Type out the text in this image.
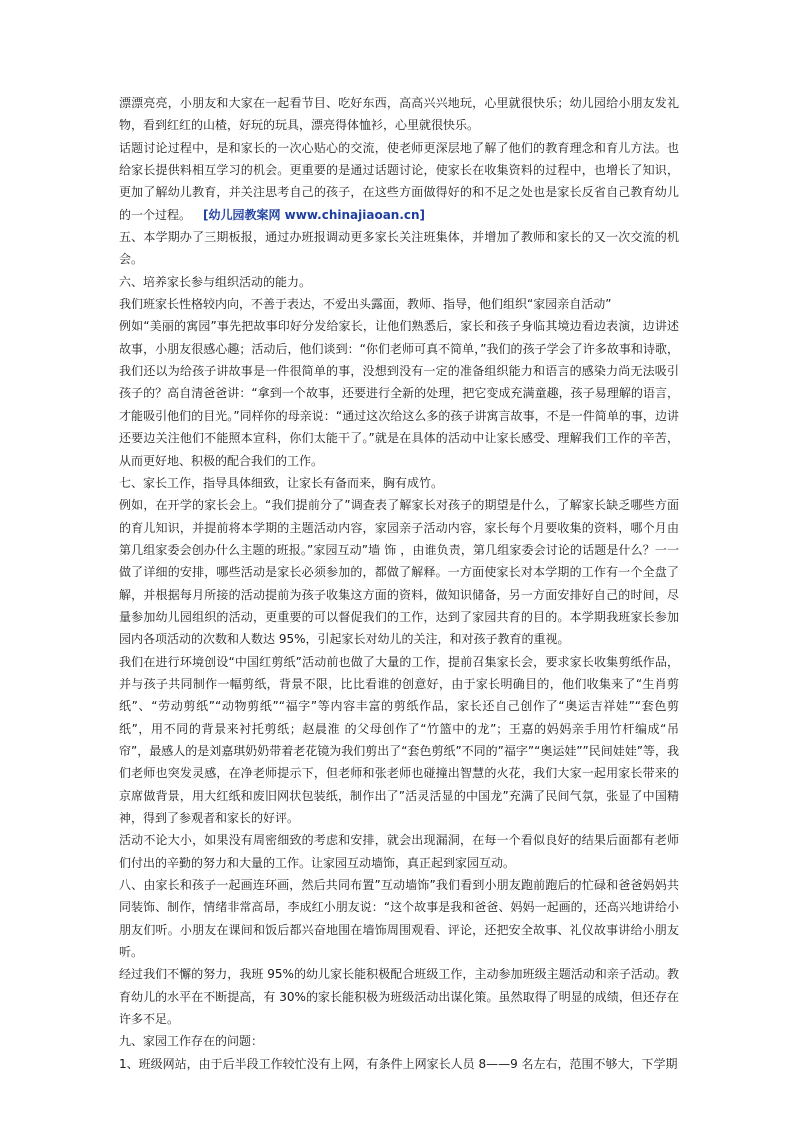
漂漂亮亮，小朋友和大家在一起看节目、吃好东西，高高兴兴地玩，心里就很快乐；幼儿园给小朋友发礼物，看到红红的山楂，好玩的玩具，漂亮得体恤衫，心里就很快乐。

话题讨论过程中，是和家长的一次心贴心的交流，使老师更深层地了解了他们的教育理念和育儿方法。也给家长提供料相互学习的机会。更重要的是通过话题讨论，使家长在收集资料的过程中，也增长了知识，更加了解幼儿教育，并关注思考自己的孩子，在这些方面做得好的和不足之处也是家长反省自己教育幼儿的一个过程。 [幼儿园教案网 www.chinajiaoan.cn]

五、本学期办了三期板报，通过办班报调动更多家长关注班集体，并增加了教师和家长的又一次交流的机会。

六、培养家长参与组织活动的能力。

我们班家长性格较内向，不善于表达，不爱出头露面，教师、指导，他们组织“家园亲自活动”

例如“美丽的寓园”事先把故事印好分发给家长，让他们熟悉后，家长和孩子身临其境边看边表演，边讲述故事，小朋友很感心趣；活动后，他们谈到：“你们老师可真不简单，”我们的孩子学会了许多故事和诗歌，我们还以为给孩子讲故事是一件很简单的事，没想到没有一定的准备组织能力和语言的感染力尚无法吸引孩子的？高自清爸爸讲：“拿到一个故事，还要进行全新的处理，把它变成充满童趣，孩子易理解的语言，才能吸引他们的目光。”同样你的母亲说：“通过这次给这么多的孩子讲寓言故事，不是一件简单的事，边讲还要边关注他们不能照本宣科，你们太能干了。”就是在具体的活动中让家长感受、理解我们工作的辛苦，从而更好地、积极的配合我们的工作。

七、家长工作，指导具体细致，让家长有备而来，胸有成竹。

例如，在开学的家长会上。“我们提前分了”调查表了解家长对孩子的期望是什么，了解家长缺乏哪些方面的育儿知识，并提前将本学期的主题活动内容，家园亲子活动内容，家长每个月要收集的资料，哪个月由第几组家委会创办什么主题的班报。”家园互动”墙 饰 ，由谁负责，第几组家委会讨论的话题是什么？一一做了详细的安排，哪些活动是家长必须参加的，都做了解释。一方面使家长对本学期的工作有一个全盘了解，并根据每月所接的活动提前为孩子收集这方面的资料，做知识储备，另一方面安排好自己的时间，尽量参加幼儿园组织的活动，更重要的可以督促我们的工作，达到了家园共育的目的。本学期我班家长参加园内各项活动的次数和人数达 95%，引起家长对幼儿的关注，和对孩子教育的重视。

我们在进行环境创设“中国红剪纸”活动前也做了大量的工作，提前召集家长会，要求家长收集剪纸作品，并与孩子共同制作一幅剪纸，背景不限，比比看谁的创意好，由于家长明确目的，他们收集来了“生肖剪纸”、“劳动剪纸”“动物剪纸”“福字”等内容丰富的剪纸作品，家长还自己创作了“奥运吉祥娃”“套色剪纸”，用不同的背景来衬托剪纸；赵晨淮 的父母创作了“竹篮中的龙”；王嘉的妈妈亲手用竹杆编成“吊帘”，最感人的是刘嘉琪奶奶带着老花镜为我们剪出了“套色剪纸”不同的”福字”“奥运娃””民间娃娃”等，我们老师也突发灵感，在净老师提示下，但老师和张老师也碰撞出智慧的火花，我们大家一起用家长带来的京席做背景，用大红纸和废旧网状包装纸，制作出了”活灵活显的中国龙”充满了民间气氛，张显了中国精神，得到了参观者和家长的好评。

活动不论大小，如果没有周密细致的考虑和安排，就会出现漏洞，在每一个看似良好的结果后面都有老师们付出的辛勤的努力和大量的工作。让家园互动墙饰，真正起到家园互动。

八、由家长和孩子一起画连环画，然后共同布置”互动墙饰”我们看到小朋友跑前跑后的忙碌和爸爸妈妈共同装饰、制作，情绪非常高昂，李成红小朋友说：“这个故事是我和爸爸、妈妈一起画的，还高兴地讲给小朋友们听。小朋友在课间和饭后都兴奋地围在墙饰周围观看、评论，还把安全故事、礼仪故事讲给小朋友听。

经过我们不懈的努力，我班 95%的幼儿家长能积极配合班级工作，主动参加班级主题活动和亲子活动。教育幼儿的水平在不断提高，有 30%的家长能积极为班级活动出谋化策。虽然取得了明显的成绩，但还存在许多不足。

九、家园工作存在的问题：

1、班级网站，由于后半段工作较忙没有上网，有条件上网家长人员 8——9 名左右，范围不够大，下学期
